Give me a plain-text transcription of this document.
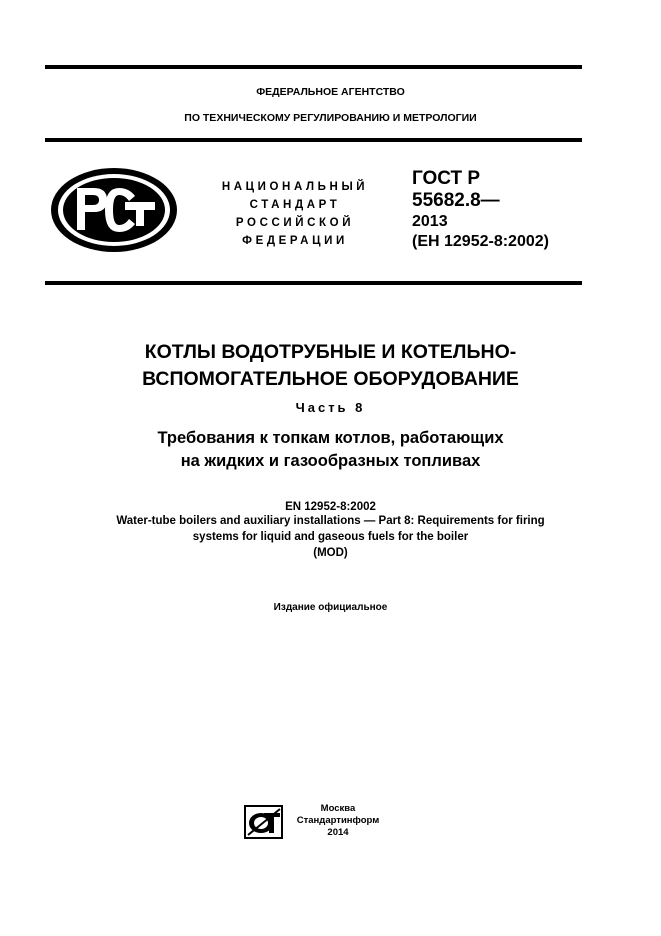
ФЕДЕРАЛЬНОЕ АГЕНТСТВО
ПО ТЕХНИЧЕСКОМУ РЕГУЛИРОВАНИЮ И МЕТРОЛОГИИ
НАЦИОНАЛЬНЫЙ
СТАНДАРТ
РОССИЙСКОЙ
ФЕДЕРАЦИИ
ГОСТ Р
55682.8—
2013
(ЕН 12952-8:2002)
КОТЛЫ ВОДОТРУБНЫЕ И КОТЕЛЬНО-
ВСПОМОГАТЕЛЬНОЕ ОБОРУДОВАНИЕ
Часть 8
Требования к топкам котлов, работающих
на жидких и газообразных топливах
EN 12952-8:2002
Water-tube boilers and auxiliary installations — Part 8: Requirements for firing
systems for liquid and gaseous fuels for the boiler
(MOD)
Издание официальное
Москва
Стандартинформ
2014
